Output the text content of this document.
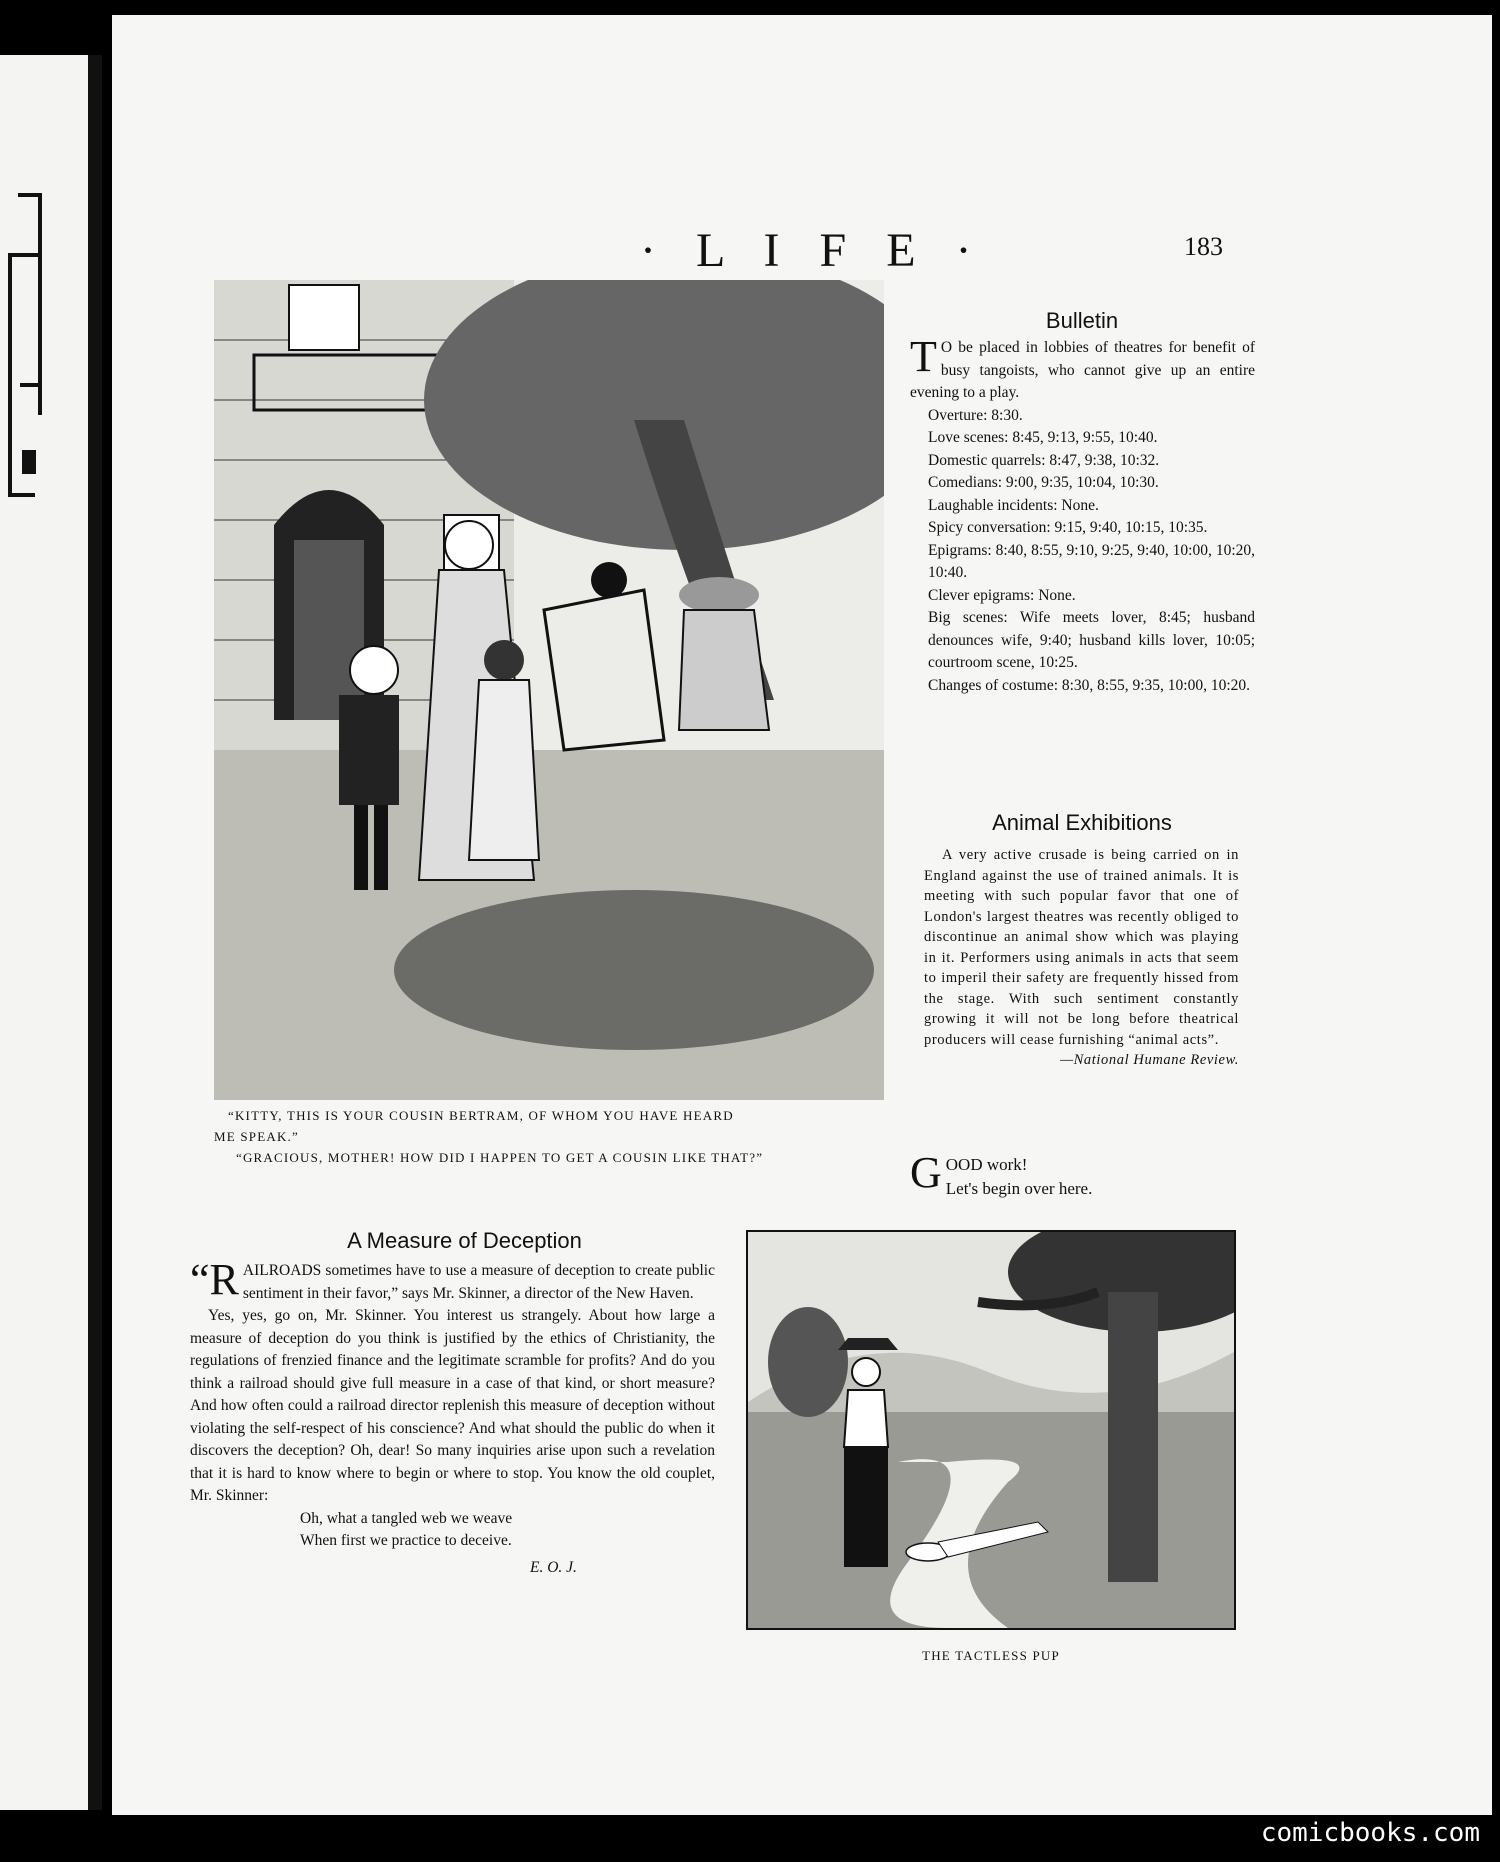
· L I F E ·	183
“KITTY, THIS IS YOUR COUSIN BERTRAM, OF WHOM YOU HAVE HEARD
ME SPEAK.”
“GRACIOUS, MOTHER! HOW DID I HAPPEN TO GET A COUSIN LIKE THAT?”
Bulletin

T O be placed in lobbies of theatres for benefit of busy tangoists, who cannot give up an entire evening to a play.

Overture: 8:30.
Love scenes: 8:45, 9:13, 9:55, 10:40.
Domestic quarrels: 8:47, 9:38, 10:32.
Comedians: 9:00, 9:35, 10:04, 10:30.
Laughable incidents: None.
Spicy conversation: 9:15, 9:40, 10:15, 10:35.
Epigrams: 8:40, 8:55, 9:10, 9:25, 9:40, 10:00, 10:20, 10:40.
Clever epigrams: None.
Big scenes: Wife meets lover, 8:45; husband denounces wife, 9:40; husband kills lover, 10:05; courtroom scene, 10:25.
Changes of costume: 8:30, 8:55, 9:35, 10:00, 10:20.
Animal Exhibitions

A very active crusade is being carried on in England against the use of trained animals. It is meeting with such popular favor that one of London's largest theatres was recently obliged to discontinue an animal show which was playing in it. Performers using animals in acts that seem to imperil their safety are frequently hissed from the stage. With such sentiment constantly growing it will not be long before theatrical producers will cease furnishing “animal acts”.

—National Humane Review.
G OOD work!
Let's begin over here.
A Measure of Deception

“RAILROADS sometimes have to use a measure of deception to create public sentiment in their favor,” says Mr. Skinner, a director of the New Haven.

Yes, yes, go on, Mr. Skinner. You interest us strangely. About how large a measure of deception do you think is justified by the ethics of Christianity, the regulations of frenzied finance and the legitimate scramble for profits? And do you think a railroad should give full measure in a case of that kind, or short measure? And how often could a railroad director replenish this measure of deception without violating the self-respect of his conscience? And what should the public do when it discovers the deception? Oh, dear! So many inquiries arise upon such a revelation that it is hard to know where to begin or where to stop. You know the old couplet, Mr. Skinner:

Oh, what a tangled web we weave
When first we practice to deceive.
E. O. J.
THE TACTLESS PUP
comicbooks.com
